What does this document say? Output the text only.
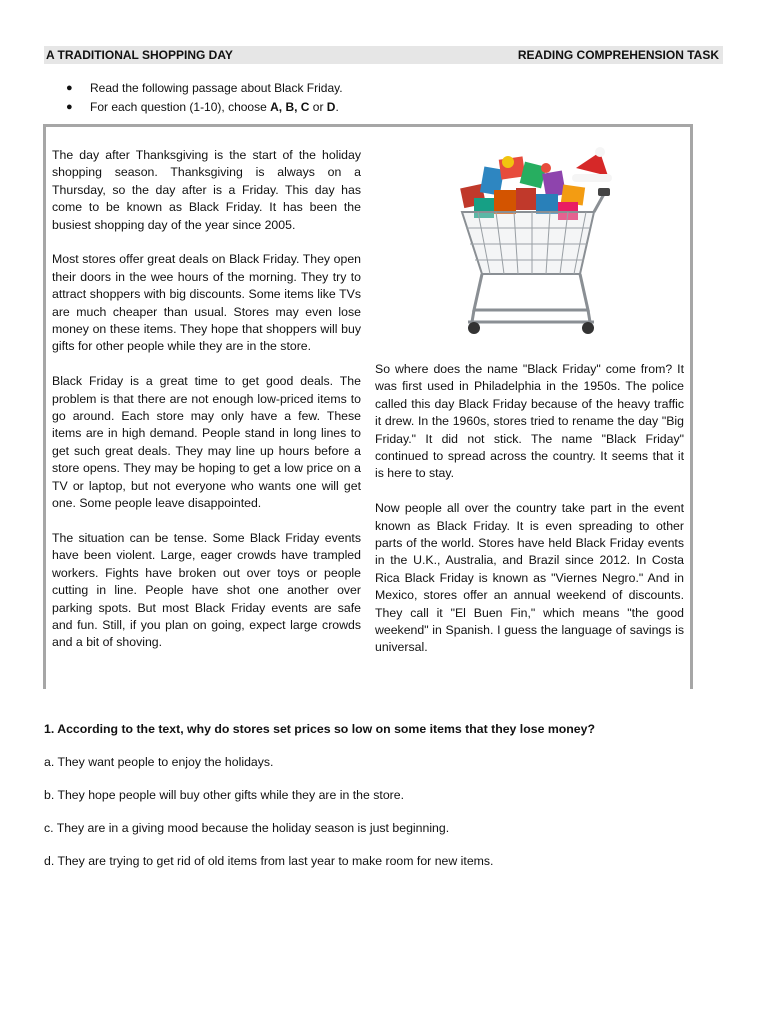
A TRADITIONAL SHOPPING DAY	READING COMPREHENSION TASK
● Read the following passage about Black Friday.
● For each question (1-10), choose A, B, C or D.

The day after Thanksgiving is the start of the holiday shopping season. Thanksgiving is always on a Thursday, so the day after is a Friday. This day has come to be known as Black Friday. It has been the busiest shopping day of the year since 2005.

Most stores offer great deals on Black Friday. They open their doors in the wee hours of the morning. They try to attract shoppers with big discounts. Some items like TVs are much cheaper than usual. Stores may even lose money on these items. They hope that shoppers will buy gifts for other people while they are in the store.

Black Friday is a great time to get good deals. The problem is that there are not enough low-priced items to go around. Each store may only have a few. These items are in high demand. People stand in long lines to get such great deals. They may line up hours before a store opens. They may be hoping to get a low price on a TV or laptop, but not everyone who wants one will get one. Some people leave disappointed.

The situation can be tense. Some Black Friday events have been violent. Large, eager crowds have trampled workers. Fights have broken out over toys or people cutting in line. People have shot one another over parking spots. But most Black Friday events are safe and fun. Still, if you plan on going, expect large crowds and a bit of shoving.

So where does the name "Black Friday" come from? It was first used in Philadelphia in the 1950s. The police called this day Black Friday because of the heavy traffic it drew. In the 1960s, stores tried to rename the day "Big Friday." It did not stick. The name "Black Friday" continued to spread across the country. It seems that it is here to stay.

Now people all over the country take part in the event known as Black Friday. It is even spreading to other parts of the world. Stores have held Black Friday events in the U.K., Australia, and Brazil since 2012. In Costa Rica Black Friday is known as "Viernes Negro." And in Mexico, stores offer an annual weekend of discounts. They call it "El Buen Fin," which means "the good weekend" in Spanish. I guess the language of savings is universal.

1. According to the text, why do stores set prices so low on some items that they lose money?

a. They want people to enjoy the holidays.

b. They hope people will buy other gifts while they are in the store.

c. They are in a giving mood because the holiday season is just beginning.

d. They are trying to get rid of old items from last year to make room for new items.
